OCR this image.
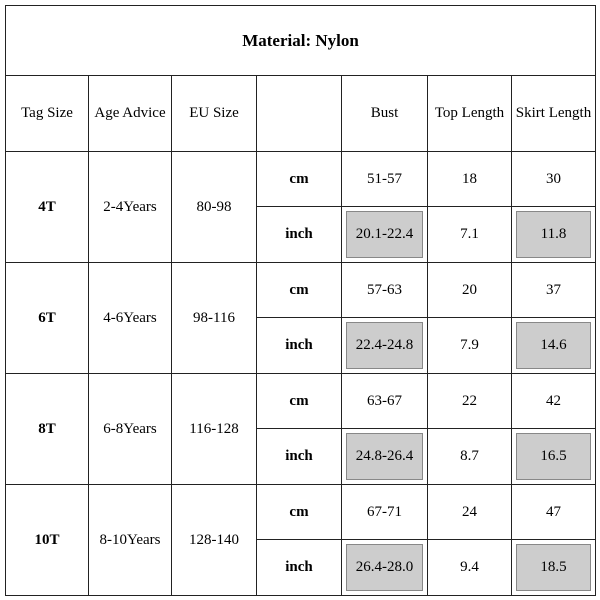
Material: Nylon						
Tag Size	Age Advice	EU Size		Bust	Top Length	Skirt Length
4T	2-4Years	80-98	cm	51-57	18	30
			inch	20.1-22.4	7.1	11.8

6T	4-6Years	98-116	cm	57-63	20	37
			inch	22.4-24.8	7.9	14.6

8T	6-8Years	116-128	cm	63-67	22	42
			inch	24.8-26.4	8.7	16.5

10T	8-10Years	128-140	cm	67-71	24	47
			inch	26.4-28.0	9.4	18.5
